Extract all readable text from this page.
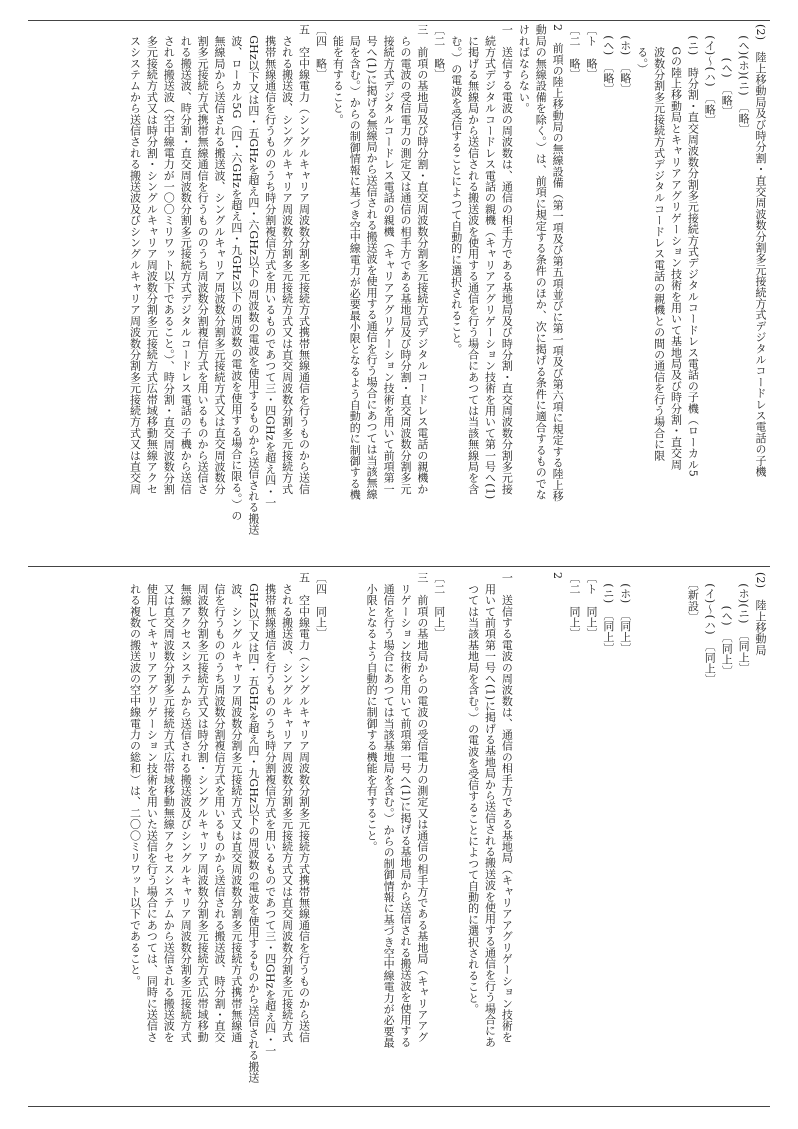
(2)　陸上移動局及び時分割・直交周波数分割多元接続方式デジタルコードレス電話の子機
　(ヘ)(ホ)(ニ)　〔略〕
　　　(ヘ)　〔略〕
　(イ)～(ハ)　〔略〕
　(ニ)　時分割・直交周波数分割多元接続方式デジタルコードレス電話の子機（ローカル5
　　Gの陸上移動局とキャリアアグリゲーション技術を用いて基地局及び時分割・直交周
　　波数分割多元接続方式デジタルコードレス電話の親機との間の通信を行う場合に限
　　る。）
　(ホ)　〔略〕
　(ヘ)　〔略〕
〔ト　略〕
〔二　略〕
2　前項の陸上移動局の無線設備（第一項及び第五項並びに第一項及び第六項に規定する陸上移
動局の無線設備を除く。）は、前項に規定する条件のほか、次に掲げる条件に適合するものでな
ければならない。
一　送信する電波の周波数は、通信の相手方である基地局及び時分割・直交周波数分割多元接
　続方式デジタルコードレス電話の親機（キャリアアグリゲーション技術を用いて第一号へ(1)
　に掲げる無線局から送信される搬送波を使用する通信を行う場合にあつては当該無線局を含
　む。）の電波を受信することによつて自動的に選択されること。
〔二　略〕
三　前項の基地局及び時分割・直交周波数分割多元接続方式デジタルコードレス電話の親機か
　らの電波の受信電力の測定又は通信の相手方である基地局及び時分割・直交周波数分割多元
　接続方式デジタルコードレス電話の親機（キャリアアグリゲーション技術を用いて前項第一
　号へ(1)に掲げる無線局から送信される搬送波を使用する通信を行う場合にあつては当該無線
　局を含む。）からの制御情報に基づき空中線電力が必要最小限となるよう自動的に制御する機
　能を有すること。
〔四　略〕
五　空中線電力（シングルキャリア周波数分割多元接続方式携帯無線通信を行うものから送信
　される搬送波、シングルキャリア周波数分割多元接続方式又は直交周波数分割多元接続方式
　携帯無線通信を行うもののうち時分割複信方式を用いるものであつて三・四GHzを超え四・一
　GHz以下又は四・五GHzを超え四・六GHz以下の周波数の電波を使用するものから送信される搬送
　波、ローカル5G（四・六GHzを超え四・九GHz以下の周波数の電波を使用する場合に限る。）の
　無線局から送信される搬送波、シングルキャリア周波数分割多元接続方式又は直交周波数分
　割多元接続方式携帯無線通信を行うもののうち周波数分割複信方式を用いるものから送信さ
　れる搬送波、時分割・直交周波数分割多元接続方式デジタルコードレス電話の子機から送信
　される搬送波（空中線電力が一〇〇ミリワット以下であること。）、時分割・直交周波数分割
　多元接続方式又は時分割・シングルキャリア周波数分割多元接続方式広帯域移動無線アクセ
　スシステムから送信される搬送波及びシングルキャリア周波数分割多元接続方式又は直交周
(2)　陸上移動局
　(ホ)(ニ)　〔同上〕
　　　(ヘ)　〔同上〕
　(イ)～(ハ)　〔同上〕
　〔新設〕

　(ホ)　〔同上〕
　(ニ)　〔同上〕
〔ト　同上〕
〔二　同上〕
2

一　送信する電波の周波数は、通信の相手方である基地局（キャリアアグリゲーション技術を
　用いて前項第一号へ(1)に掲げる基地局から送信される搬送波を使用する通信を行う場合にあ
　つては当該基地局を含む。）の電波を受信することによつて自動的に選択されること。

〔二　同上〕
三　前項の基地局からの電波の受信電力の測定又は通信の相手方である基地局（キャリアアグ
　リゲーション技術を用いて前項第一号へ(1)に掲げる基地局から送信される搬送波を使用する
　通信を行う場合にあつては当該基地局を含む。）からの制御情報に基づき空中線電力が必要最
　小限となるよう自動的に制御する機能を有すること。

〔四　同上〕
五　空中線電力（シングルキャリア周波数分割多元接続方式携帯無線通信を行うものから送信
　される搬送波、シングルキャリア周波数分割多元接続方式又は直交周波数分割多元接続方式
　携帯無線通信を行うもののうち時分割複信方式を用いるものであつて三・四GHzを超え四・一
　GHz以下又は四・五GHzを超え四・九GHz以下の周波数の電波を使用するものから送信される搬送
　波、シングルキャリア周波数分割多元接続方式又は直交周波数分割多元接続方式携帯無線通
　信を行うもののうち周波数分割複信方式を用いるものから送信される搬送波、時分割・直交
　周波数分割多元接続方式又は時分割・シングルキャリア周波数分割多元接続方式広帯域移動
　無線アクセスシステムから送信される搬送波及びシングルキャリア周波数分割多元接続方式
　又は直交周波数分割多元接続方式広帯域移動無線アクセスシステムから送信される搬送波を
　使用してキャリアアグリゲーション技術を用いた送信を行う場合にあつては、同時に送信さ
　れる複数の搬送波の空中線電力の総和）は、二〇〇ミリワット以下であること。
